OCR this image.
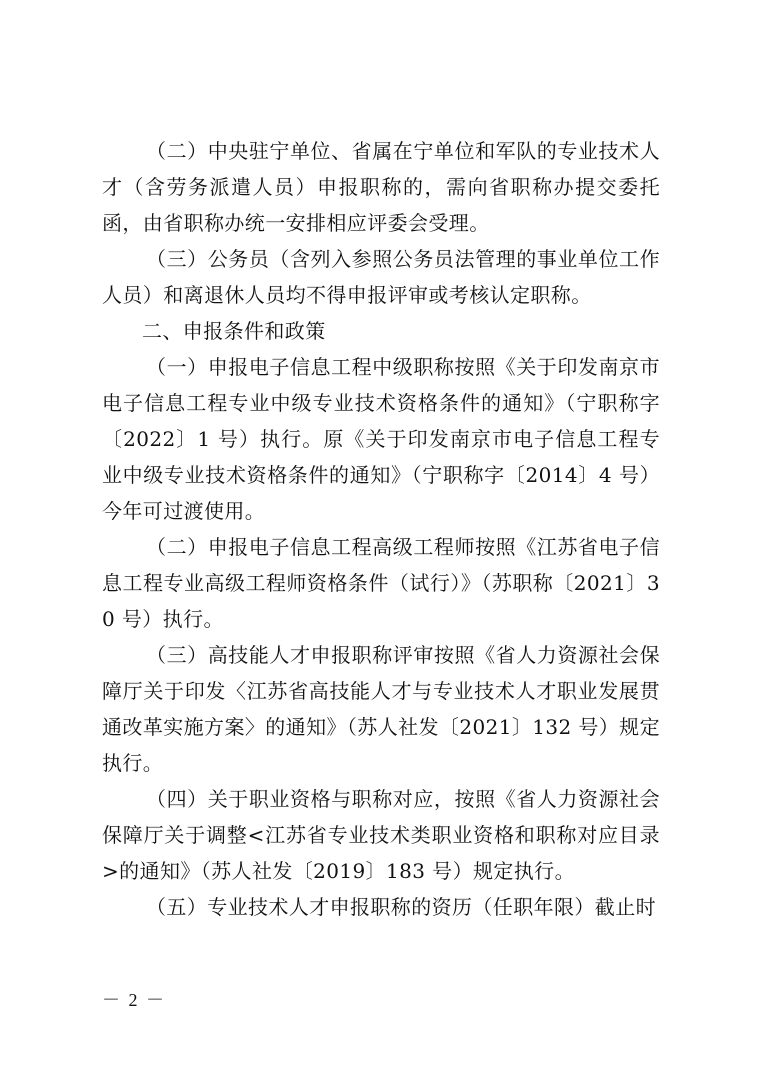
（二）中央驻宁单位、省属在宁单位和军队的专业技术人才（含劳务派遣人员）申报职称的，需向省职称办提交委托函，由省职称办统一安排相应评委会受理。

（三）公务员（含列入参照公务员法管理的事业单位工作人员）和离退休人员均不得申报评审或考核认定职称。

二、申报条件和政策

（一）申报电子信息工程中级职称按照《关于印发南京市电子信息工程专业中级专业技术资格条件的通知》（宁职称字〔2022〕1 号）执行。原《关于印发南京市电子信息工程专业中级专业技术资格条件的通知》（宁职称字〔2014〕4 号）今年可过渡使用。

（二）申报电子信息工程高级工程师按照《江苏省电子信息工程专业高级工程师资格条件（试行）》（苏职称〔2021〕30 号）执行。

（三）高技能人才申报职称评审按照《省人力资源社会保障厅关于印发〈江苏省高技能人才与专业技术人才职业发展贯通改革实施方案〉的通知》（苏人社发〔2021〕132 号）规定执行。

（四）关于职业资格与职称对应，按照《省人力资源社会保障厅关于调整<江苏省专业技术类职业资格和职称对应目录>的通知》（苏人社发〔2019〕183 号）规定执行。

（五）专业技术人才申报职称的资历（任职年限）截止时

－ 2 －
